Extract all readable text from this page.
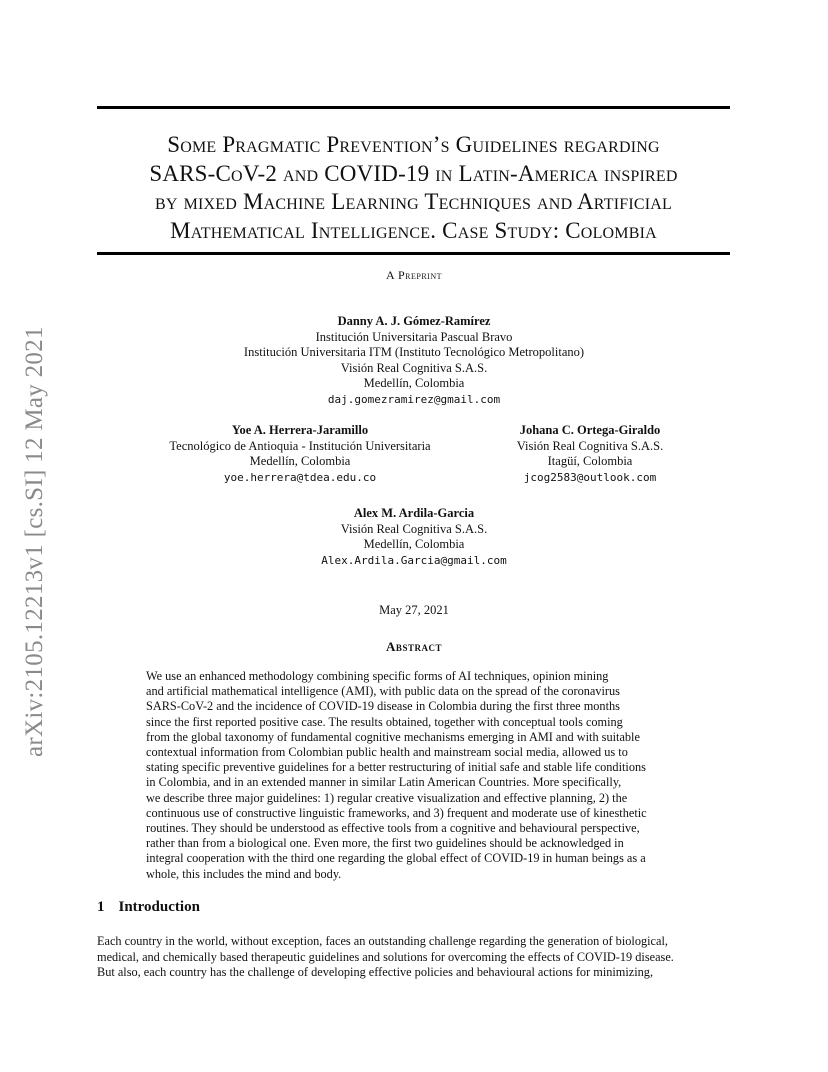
arXiv:2105.12213v1 [cs.SI] 12 May 2021
Some Pragmatic Prevention’s Guidelines regarding
SARS-CoV-2 and COVID-19 in Latin-America inspired
by mixed Machine Learning Techniques and Artificial
Mathematical Intelligence. Case Study: Colombia
A Preprint
Danny A. J. Gómez-Ramírez
Institución Universitaria Pascual Bravo
Institución Universitaria ITM (Instituto Tecnológico Metropolitano)
Visión Real Cognitiva S.A.S.
Medellín, Colombia
daj.gomezramirez@gmail.com
Yoe A. Herrera-Jaramillo
Tecnológico de Antioquia - Institución Universitaria
Medellín, Colombia
yoe.herrera@tdea.edu.co
Johana C. Ortega-Giraldo
Visión Real Cognitiva S.A.S.
Itagüí, Colombia
jcog2583@outlook.com
Alex M. Ardila-Garcia
Visión Real Cognitiva S.A.S.
Medellín, Colombia
Alex.Ardila.Garcia@gmail.com
May 27, 2021
Abstract
We use an enhanced methodology combining specific forms of AI techniques, opinion mining
and artificial mathematical intelligence (AMI), with public data on the spread of the coronavirus
SARS-CoV-2 and the incidence of COVID-19 disease in Colombia during the first three months
since the first reported positive case. The results obtained, together with conceptual tools coming
from the global taxonomy of fundamental cognitive mechanisms emerging in AMI and with suitable
contextual information from Colombian public health and mainstream social media, allowed us to
stating specific preventive guidelines for a better restructuring of initial safe and stable life conditions
in Colombia, and in an extended manner in similar Latin American Countries. More specifically,
we describe three major guidelines: 1) regular creative visualization and effective planning, 2) the
continuous use of constructive linguistic frameworks, and 3) frequent and moderate use of kinesthetic
routines. They should be understood as effective tools from a cognitive and behavioural perspective,
rather than from a biological one. Even more, the first two guidelines should be acknowledged in
integral cooperation with the third one regarding the global effect of COVID-19 in human beings as a
whole, this includes the mind and body.
1 Introduction
Each country in the world, without exception, faces an outstanding challenge regarding the generation of biological,
medical, and chemically based therapeutic guidelines and solutions for overcoming the effects of COVID-19 disease.
But also, each country has the challenge of developing effective policies and behavioural actions for minimizing,
